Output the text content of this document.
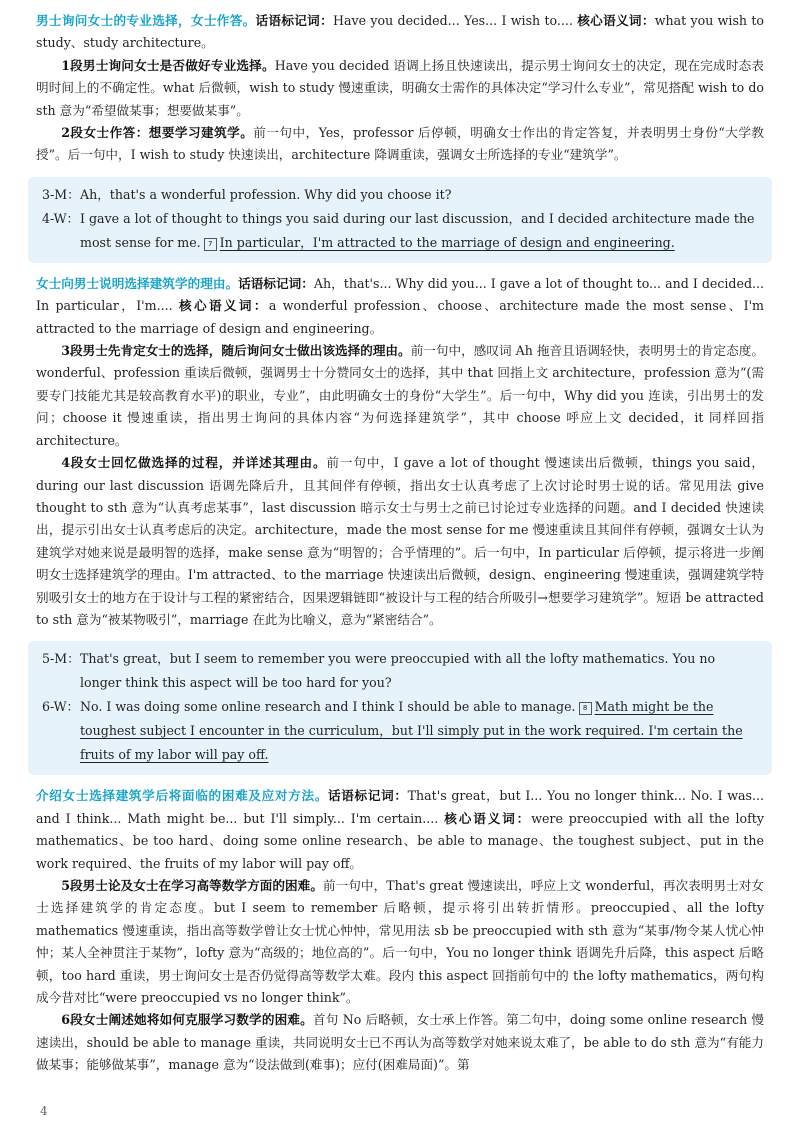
男士询问女士的专业选择，女士作答。话语标记词：Have you decided... Yes... I wish to.... 核心语义词：what you wish to study、study architecture。

1段男士询问女士是否做好专业选择。Have you decided 语调上扬且快速读出，提示男士询问女士的决定，现在完成时态表明时间上的不确定性。what 后微顿，wish to study 慢速重读，明确女士需作的具体决定“学习什么专业”，常见搭配 wish to do sth 意为“希望做某事；想要做某事”。

2段女士作答：想要学习建筑学。前一句中，Yes，professor 后停顿，明确女士作出的肯定答复，并表明男士身份“大学教授”。后一句中，I wish to study 快速读出，architecture 降调重读，强调女士所选择的专业“建筑学”。

3-M： Ah，that's a wonderful profession. Why did you choose it?
4-W： I gave a lot of thought to things you said during our last discussion，and I decided architecture made the most sense for me. 7 In particular，I'm attracted to the marriage of design and engineering.

女士向男士说明选择建筑学的理由。话语标记词：Ah，that's... Why did you... I gave a lot of thought to... and I decided... In particular，I'm.... 核心语义词：a wonderful profession、choose、architecture made the most sense、I'm attracted to the marriage of design and engineering。

3段男士先肯定女士的选择，随后询问女士做出该选择的理由。前一句中，感叹词 Ah 拖音且语调轻快，表明男士的肯定态度。wonderful、profession 重读后微顿，强调男士十分赞同女士的选择，其中 that 回指上文 architecture，profession 意为“(需要专门技能尤其是较高教育水平)的职业，专业”，由此明确女士的身份“大学生”。后一句中，Why did you 连读，引出男士的发问；choose it 慢速重读，指出男士询问的具体内容“为何选择建筑学”，其中 choose 呼应上文 decided，it 同样回指 architecture。

4段女士回忆做选择的过程，并详述其理由。前一句中，I gave a lot of thought 慢速读出后微顿，things you said，during our last discussion 语调先降后升，且其间伴有停顿，指出女士认真考虑了上次讨论时男士说的话。常见用法 give thought to sth 意为“认真考虑某事”，last discussion 暗示女士与男士之前已讨论过专业选择的问题。and I decided 快速读出，提示引出女士认真考虑后的决定。architecture，made the most sense for me 慢速重读且其间伴有停顿，强调女士认为建筑学对她来说是最明智的选择，make sense 意为“明智的；合乎情理的”。后一句中，In particular 后停顿，提示将进一步阐明女士选择建筑学的理由。I'm attracted、to the marriage 快速读出后微顿，design、engineering 慢速重读，强调建筑学特别吸引女士的地方在于设计与工程的紧密结合，因果逻辑链即“被设计与工程的结合所吸引→想要学习建筑学”。短语 be attracted to sth 意为“被某物吸引”，marriage 在此为比喻义，意为“紧密结合”。

5-M： That's great，but I seem to remember you were preoccupied with all the lofty mathematics. You no longer think this aspect will be too hard for you?
6-W： No. I was doing some online research and I think I should be able to manage. 8 Math might be the toughest subject I encounter in the curriculum，but I'll simply put in the work required. I'm certain the fruits of my labor will pay off.

介绍女士选择建筑学后将面临的困难及应对方法。话语标记词：That's great，but I... You no longer think... No. I was... and I think... Math might be... but I'll simply... I'm certain.... 核心语义词：were preoccupied with all the lofty mathematics、be too hard、doing some online research、be able to manage、the toughest subject、put in the work required、the fruits of my labor will pay off。

5段男士论及女士在学习高等数学方面的困难。前一句中，That's great 慢速读出，呼应上文 wonderful，再次表明男士对女士选择建筑学的肯定态度。but I seem to remember 后略顿，提示将引出转折情形。preoccupied、all the lofty mathematics 慢速重读，指出高等数学曾让女士忧心忡忡，常见用法 sb be preoccupied with sth 意为“某事/物令某人忧心忡忡；某人全神贯注于某物”，lofty 意为“高级的；地位高的”。后一句中，You no longer think 语调先升后降，this aspect 后略顿，too hard 重读，男士询问女士是否仍觉得高等数学太难。段内 this aspect 回指前句中的 the lofty mathematics，两句构成今昔对比“were preoccupied vs no longer think”。

6段女士阐述她将如何克服学习数学的困难。首句 No 后略顿，女士承上作答。第二句中，doing some online research 慢速读出，should be able to manage 重读，共同说明女士已不再认为高等数学对她来说太难了，be able to do sth 意为“有能力做某事；能够做某事”，manage 意为“设法做到(难事)；应付(困难局面)”。第

4
